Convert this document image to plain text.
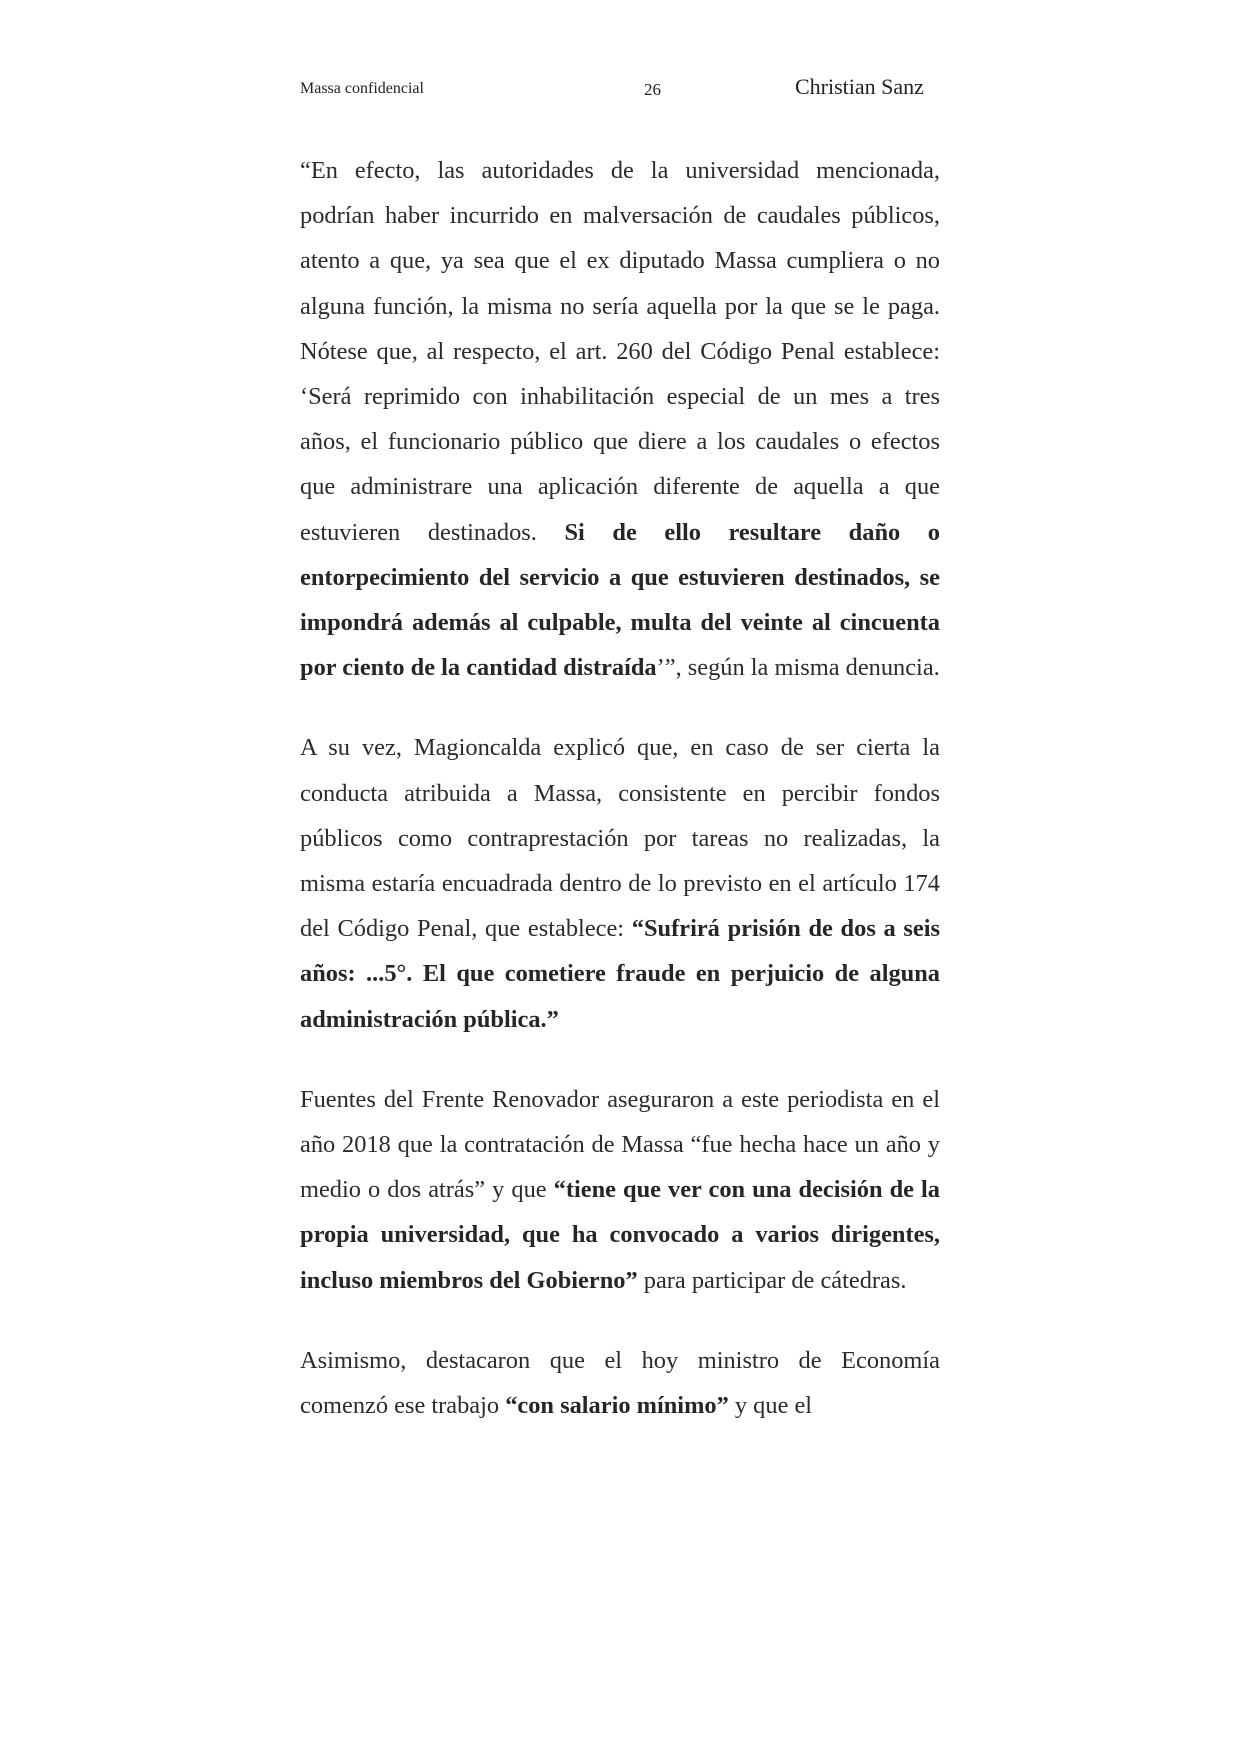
Massa confidencial	26	Christian Sanz

“En efecto, las autoridades de la universidad mencionada, podrían haber incurrido en malversación de caudales públicos, atento a que, ya sea que el ex diputado Massa cumpliera o no alguna función, la misma no sería aquella por la que se le paga. Nótese que, al respecto, el art. 260 del Código Penal establece: ‘Será reprimido con inhabilitación especial de un mes a tres años, el funcionario público que diere a los caudales o efectos que administrare una aplicación diferente de aquella a que estuvieren destinados. Si de ello resultare daño o entorpecimiento del servicio a que estuvieren destinados, se impondrá además al culpable, multa del veinte al cincuenta por ciento de la cantidad distraída’”, según la misma denuncia.

A su vez, Magioncalda explicó que, en caso de ser cierta la conducta atribuida a Massa, consistente en percibir fondos públicos como contraprestación por tareas no realizadas, la misma estaría encuadrada dentro de lo previsto en el artículo 174 del Código Penal, que establece: “Sufrirá prisión de dos a seis años: ...5°. El que cometiere fraude en perjuicio de alguna administración pública.”

Fuentes del Frente Renovador aseguraron a este periodista en el año 2018 que la contratación de Massa “fue hecha hace un año y medio o dos atrás” y que “tiene que ver con una decisión de la propia universidad, que ha convocado a varios dirigentes, incluso miembros del Gobierno” para participar de cátedras.

Asimismo, destacaron que el hoy ministro de Economía comenzó ese trabajo “con salario mínimo” y que el
